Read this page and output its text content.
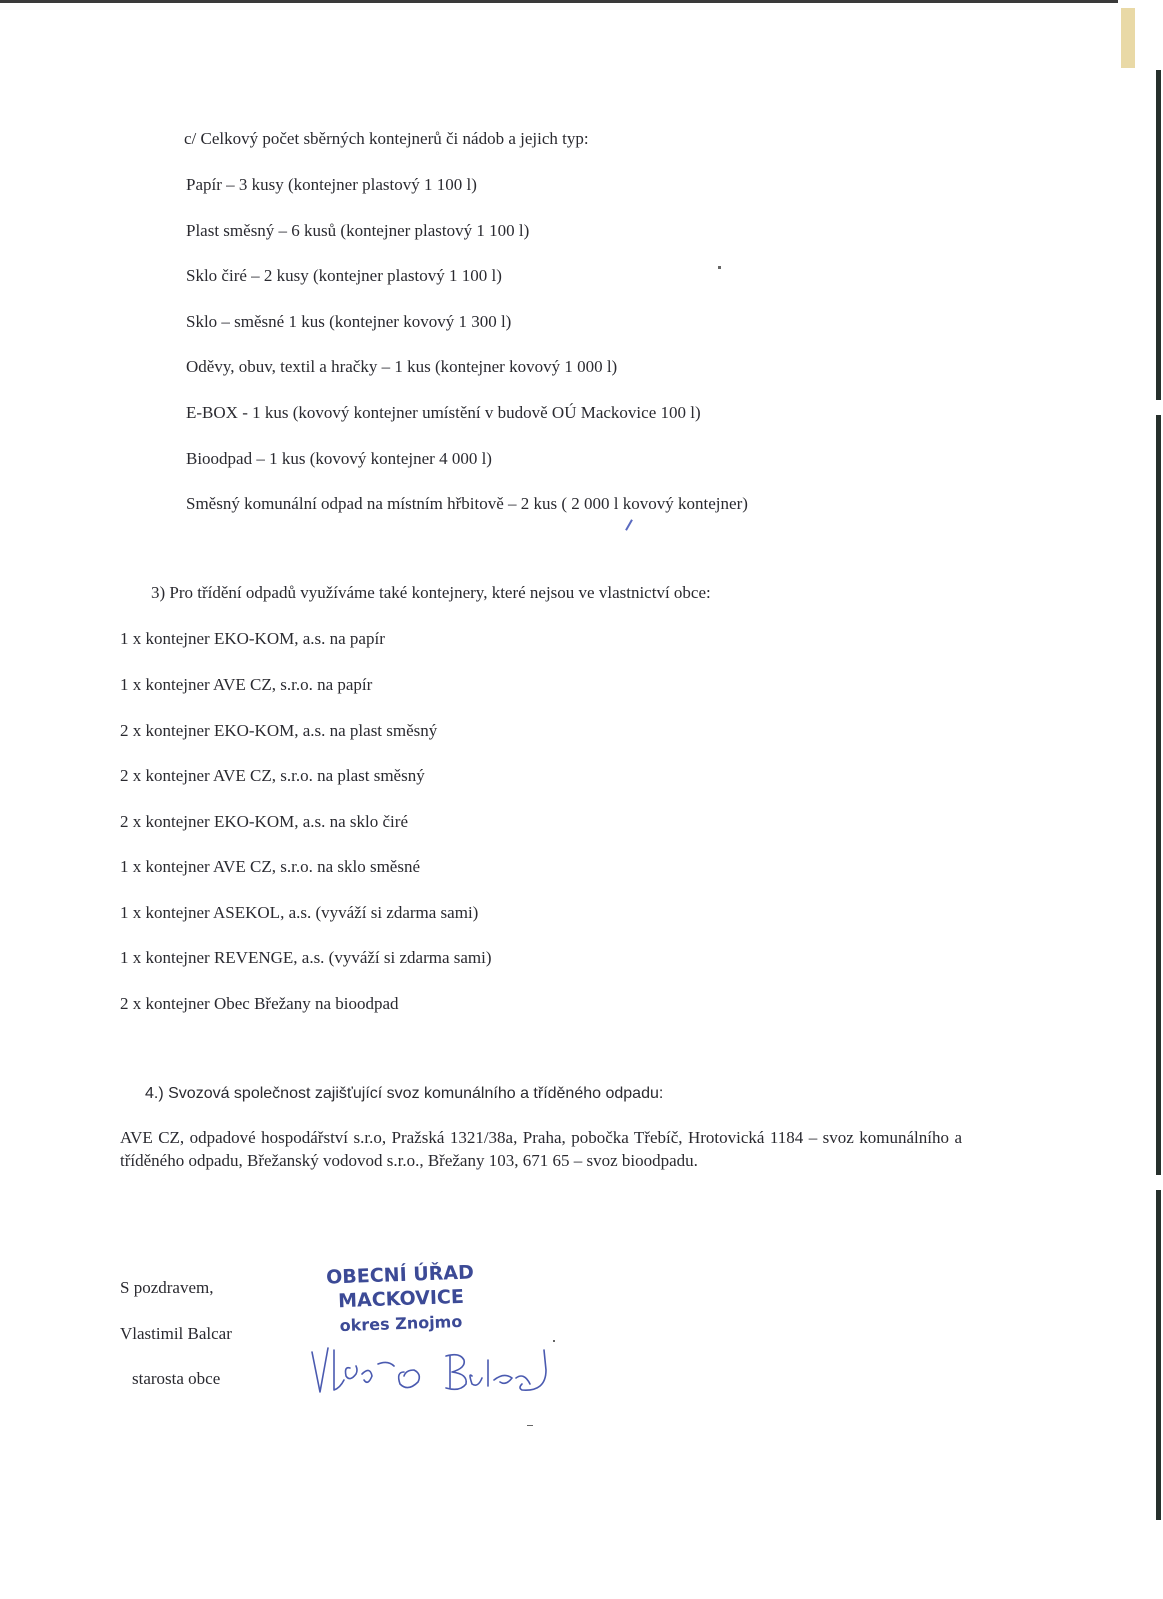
c/ Celkový počet sběrných kontejnerů či nádob a jejich typ:
Papír – 3 kusy (kontejner plastový 1 100 l)
Plast směsný – 6 kusů (kontejner plastový 1 100 l)
Sklo čiré – 2 kusy (kontejner plastový 1 100 l)
Sklo – směsné 1 kus (kontejner kovový 1 300 l)
Oděvy, obuv, textil a hračky – 1 kus (kontejner kovový 1 000 l)
E-BOX - 1 kus (kovový kontejner umístění v budově OÚ Mackovice 100 l)
Bioodpad – 1 kus (kovový kontejner 4 000 l)
Směsný komunální odpad na místním hřbitově – 2 kus ( 2 000 l kovový kontejner)
3) Pro třídění odpadů využíváme také kontejnery, které nejsou ve vlastnictví obce:
1 x kontejner EKO-KOM, a.s. na papír
1 x kontejner AVE CZ, s.r.o. na papír
2 x kontejner EKO-KOM, a.s. na plast směsný
2 x kontejner AVE CZ, s.r.o. na plast směsný
2 x kontejner EKO-KOM, a.s. na sklo čiré
1 x kontejner AVE CZ, s.r.o. na sklo směsné
1 x kontejner ASEKOL, a.s. (vyváží si zdarma sami)
1 x kontejner REVENGE, a.s. (vyváží si zdarma sami)
2 x kontejner Obec Břežany na bioodpad
4.) Svozová společnost zajišťující svoz komunálního a tříděného odpadu:
AVE CZ, odpadové hospodářství s.r.o, Pražská 1321/38a, Praha, pobočka Třebíč, Hrotovická 1184 – svoz komunálního a tříděného odpadu, Břežanský vodovod s.r.o., Břežany 103, 671 65 – svoz bioodpadu.
S pozdravem,
Vlastimil Balcar
starosta obce
OBECNÍ ÚŘAD
MACKOVICE
okres Znojmo
